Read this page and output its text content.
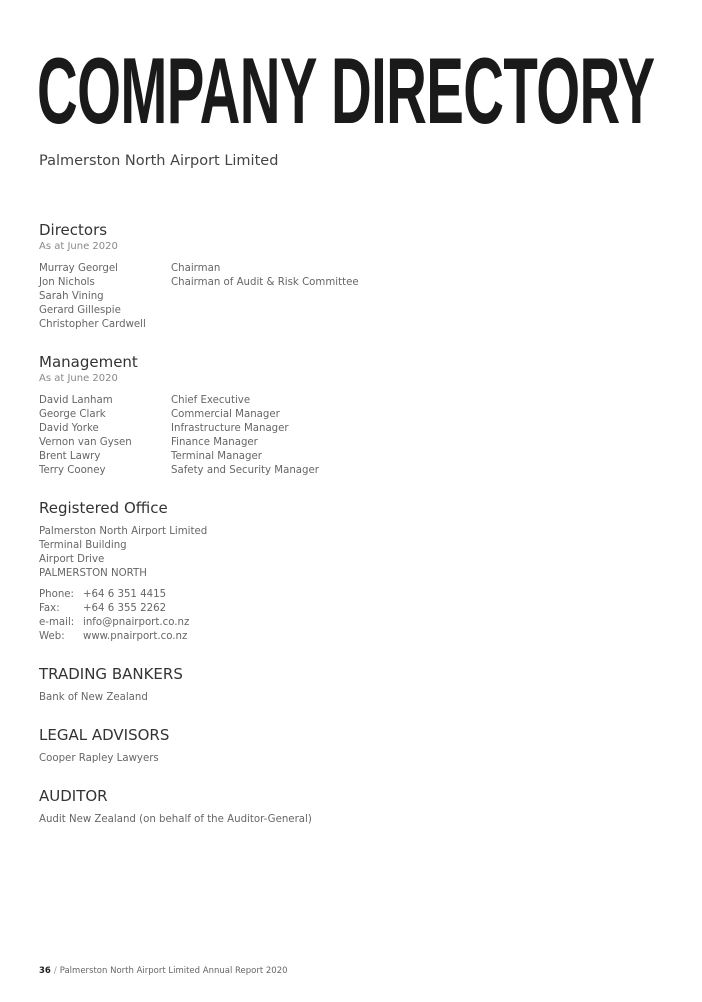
COMPANY DIRECTORY
Palmerston North Airport Limited
Directors
As at June 2020
Murray Georgel	Chairman
Jon Nichols	Chairman of Audit & Risk Committee
Sarah Vining
Gerard Gillespie
Christopher Cardwell
Management
As at June 2020
David Lanham	Chief Executive
George Clark	Commercial Manager
David Yorke	Infrastructure Manager
Vernon van Gysen	Finance Manager
Brent Lawry	Terminal Manager
Terry Cooney	Safety and Security Manager
Registered Office
Palmerston North Airport Limited
Terminal Building
Airport Drive
PALMERSTON NORTH
Phone: +64 6 351 4415
Fax:	+64 6 355 2262
e-mail: info@pnairport.co.nz
Web:	www.pnairport.co.nz
TRADING BANKERS
Bank of New Zealand
LEGAL ADVISORS
Cooper Rapley Lawyers
AUDITOR
Audit New Zealand (on behalf of the Auditor-General)
36 / Palmerston North Airport Limited Annual Report 2020
